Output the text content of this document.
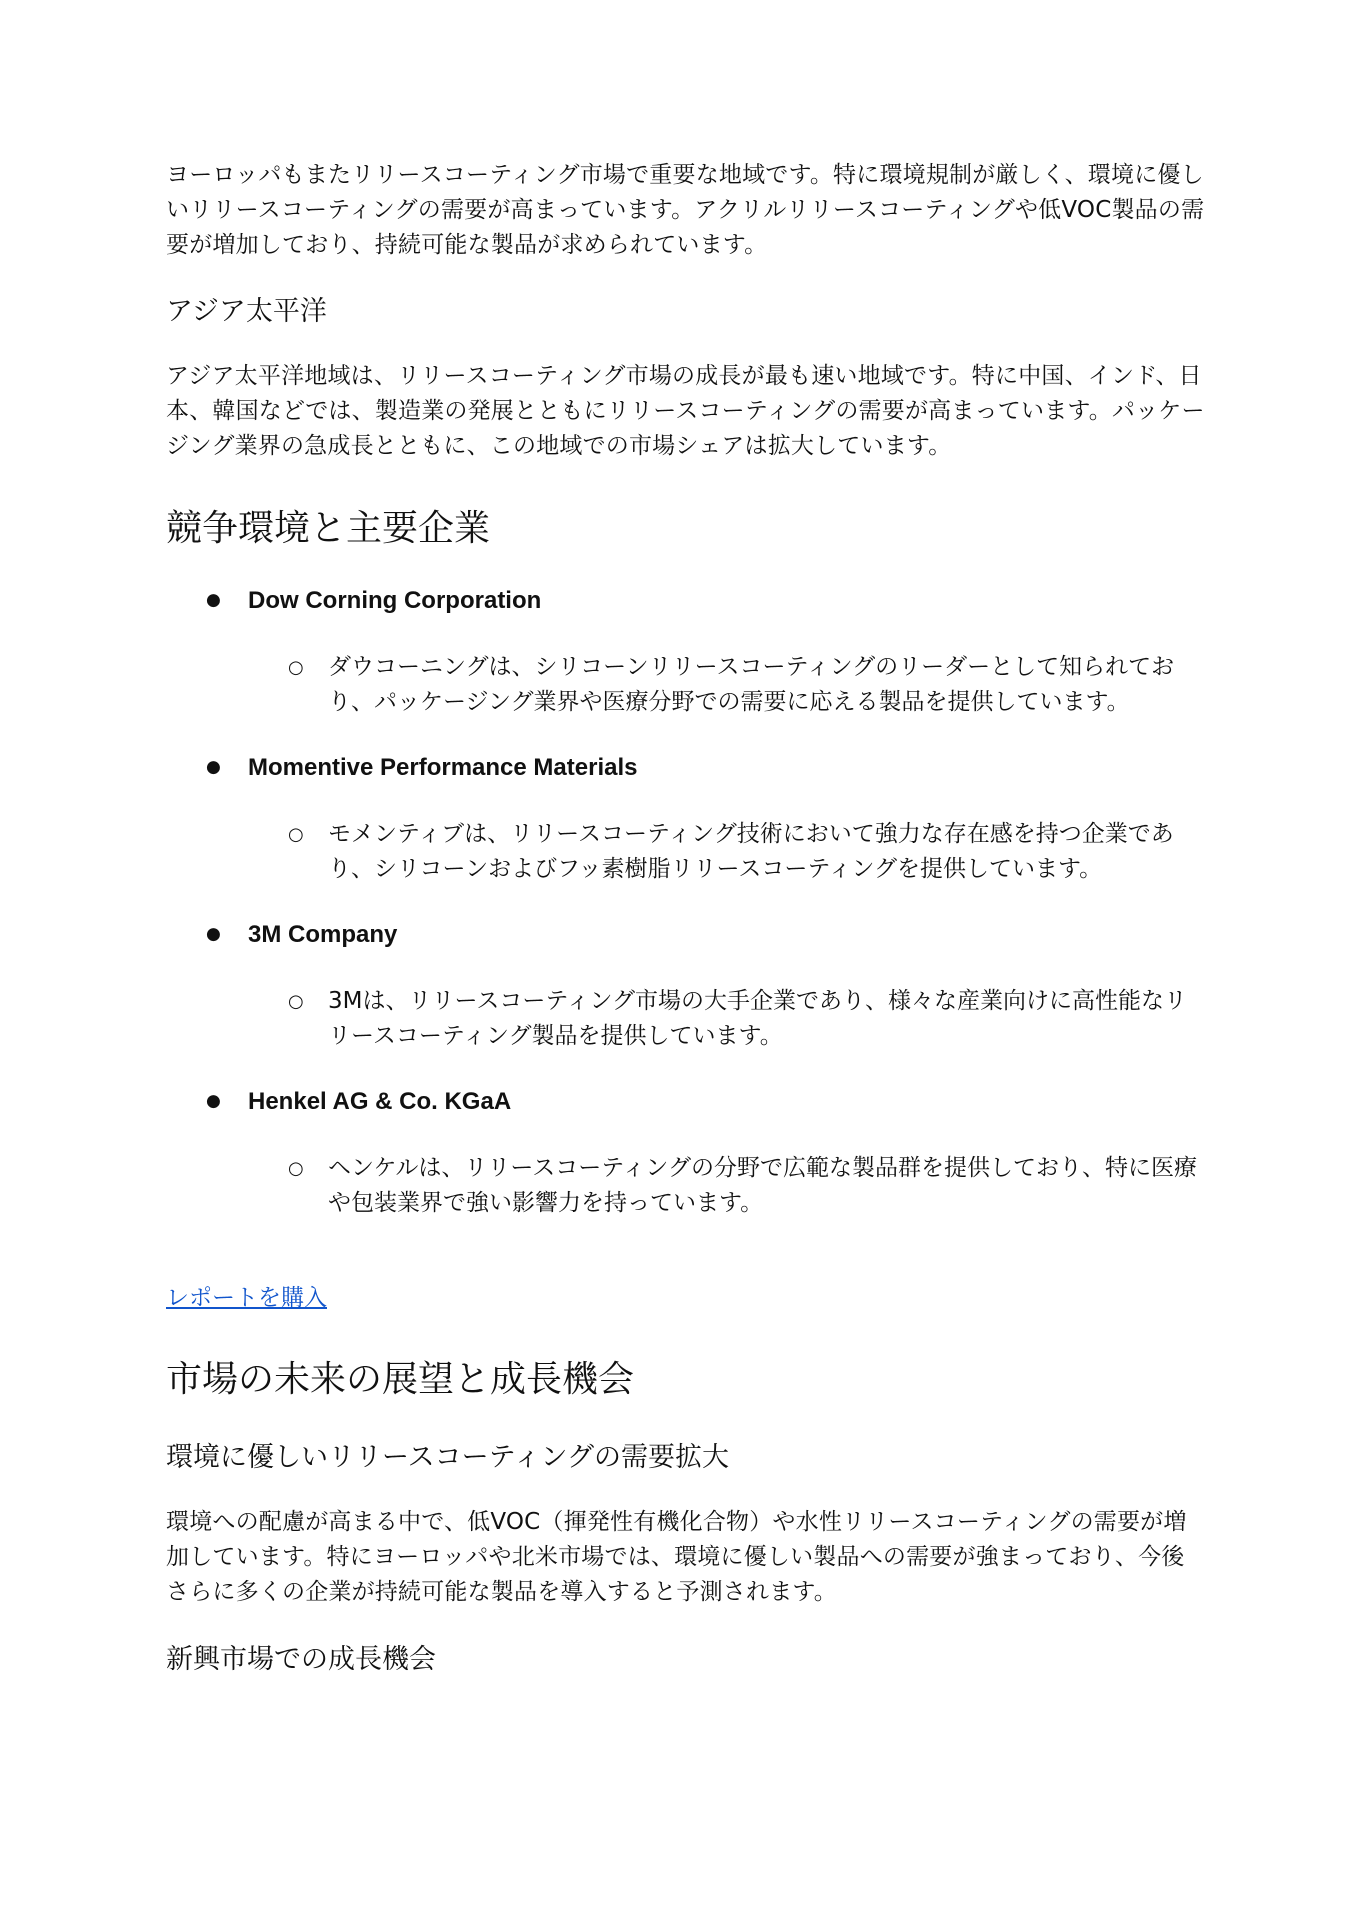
ヨーロッパもまたリリースコーティング市場で重要な地域です。特に環境規制が厳しく、環境に優しいリリースコーティングの需要が高まっています。アクリルリリースコーティングや低VOC製品の需要が増加しており、持続可能な製品が求められています。

アジア太平洋

アジア太平洋地域は、リリースコーティング市場の成長が最も速い地域です。特に中国、インド、日本、韓国などでは、製造業の発展とともにリリースコーティングの需要が高まっています。パッケージング業界の急成長とともに、この地域での市場シェアは拡大しています。

競争環境と主要企業
●	Dow Corning Corporation
○	ダウコーニングは、シリコーンリリースコーティングのリーダーとして知られており、パッケージング業界や医療分野での需要に応える製品を提供しています。
●	Momentive Performance Materials
○	モメンティブは、リリースコーティング技術において強力な存在感を持つ企業であり、シリコーンおよびフッ素樹脂リリースコーティングを提供しています。
●	3M Company
○	3Mは、リリースコーティング市場の大手企業であり、様々な産業向けに高性能なリリースコーティング製品を提供しています。
●	Henkel AG & Co. KGaA
○	ヘンケルは、リリースコーティングの分野で広範な製品群を提供しており、特に医療や包装業界で強い影響力を持っています。
レポートを購入
市場の未来の展望と成長機会
環境に優しいリリースコーティングの需要拡大

環境への配慮が高まる中で、低VOC（揮発性有機化合物）や水性リリースコーティングの需要が増加しています。特にヨーロッパや北米市場では、環境に優しい製品への需要が強まっており、今後さらに多くの企業が持続可能な製品を導入すると予測されます。

新興市場での成長機会
